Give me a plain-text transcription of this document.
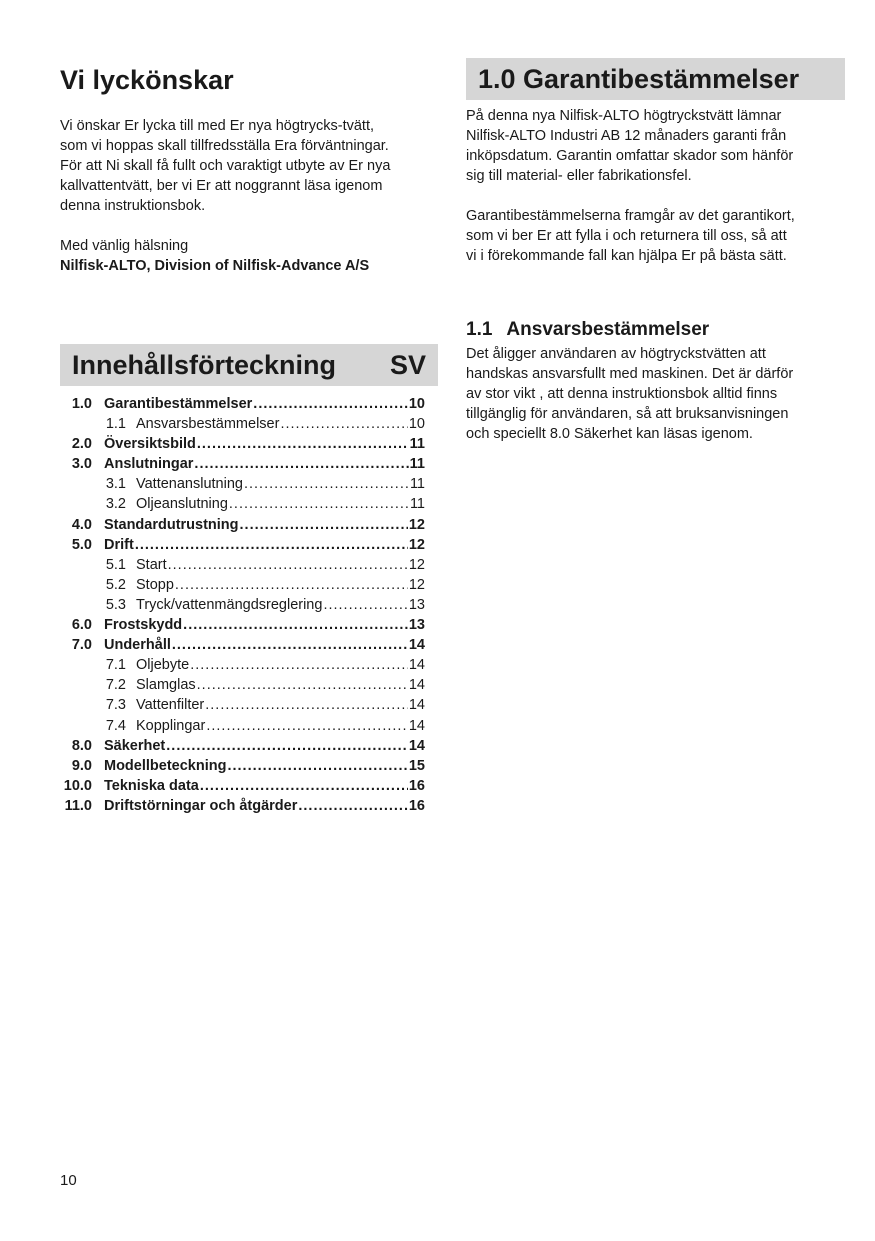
Vi lyckönskar

Vi önskar Er lycka till med Er nya högtrycks-tvätt,
som vi hoppas skall tillfredsställa Era förväntningar.
För att Ni skall få fullt och varaktigt utbyte av Er nya
kallvattentvätt, ber vi Er att noggrannt läsa igenom
denna instruktionsbok.

Med vänlig hälsning

Nilfisk-ALTO, Division of Nilfisk-Advance A/S

Innehållsförteckning SV
1.0 Garantibestämmelser .....	10
1.1 Ansvarsbestämmelser .....	10
2.0 Översiktsbild .....	11
3.0 Anslutningar .....	11
3.1 Vattenanslutning .....	11
3.2 Oljeanslutning .....	11
4.0 Standardutrustning .....	12
5.0 Drift .....	12
5.1 Start .....	12
5.2 Stopp .....	12
5.3 Tryck/vattenmängdsreglering .....	13
6.0 Frostskydd .....	13
7.0 Underhåll .....	14
7.1 Oljebyte .....	14
7.2 Slamglas .....	14
7.3 Vattenfilter .....	14
7.4 Kopplingar .....	14
8.0 Säkerhet .....	14
9.0 Modellbeteckning .....	15
10.0 Tekniska data .....	16
11.0 Driftstörningar och åtgärder .....	16
1.0 Garantibestämmelser

På denna nya Nilfisk-ALTO högtryckstvätt lämnar
Nilfisk-ALTO Industri AB 12 månaders garanti från
inköpsdatum. Garantin omfattar skador som hänför
sig till material- eller fabrikationsfel.

Garantibestämmelserna framgår av det garantikort,
som vi ber Er att fylla i och returnera till oss, så att
vi i förekommande fall kan hjälpa Er på bästa sätt.

1.1 Ansvarsbestämmelser

Det åligger användaren av högtryckstvätten att
handskas ansvarsfullt med maskinen. Det är därför
av stor vikt , att denna instruktionsbok alltid finns
tillgänglig för användaren, så att bruksanvisningen
och speciellt 8.0 Säkerhet kan läsas igenom.

10
